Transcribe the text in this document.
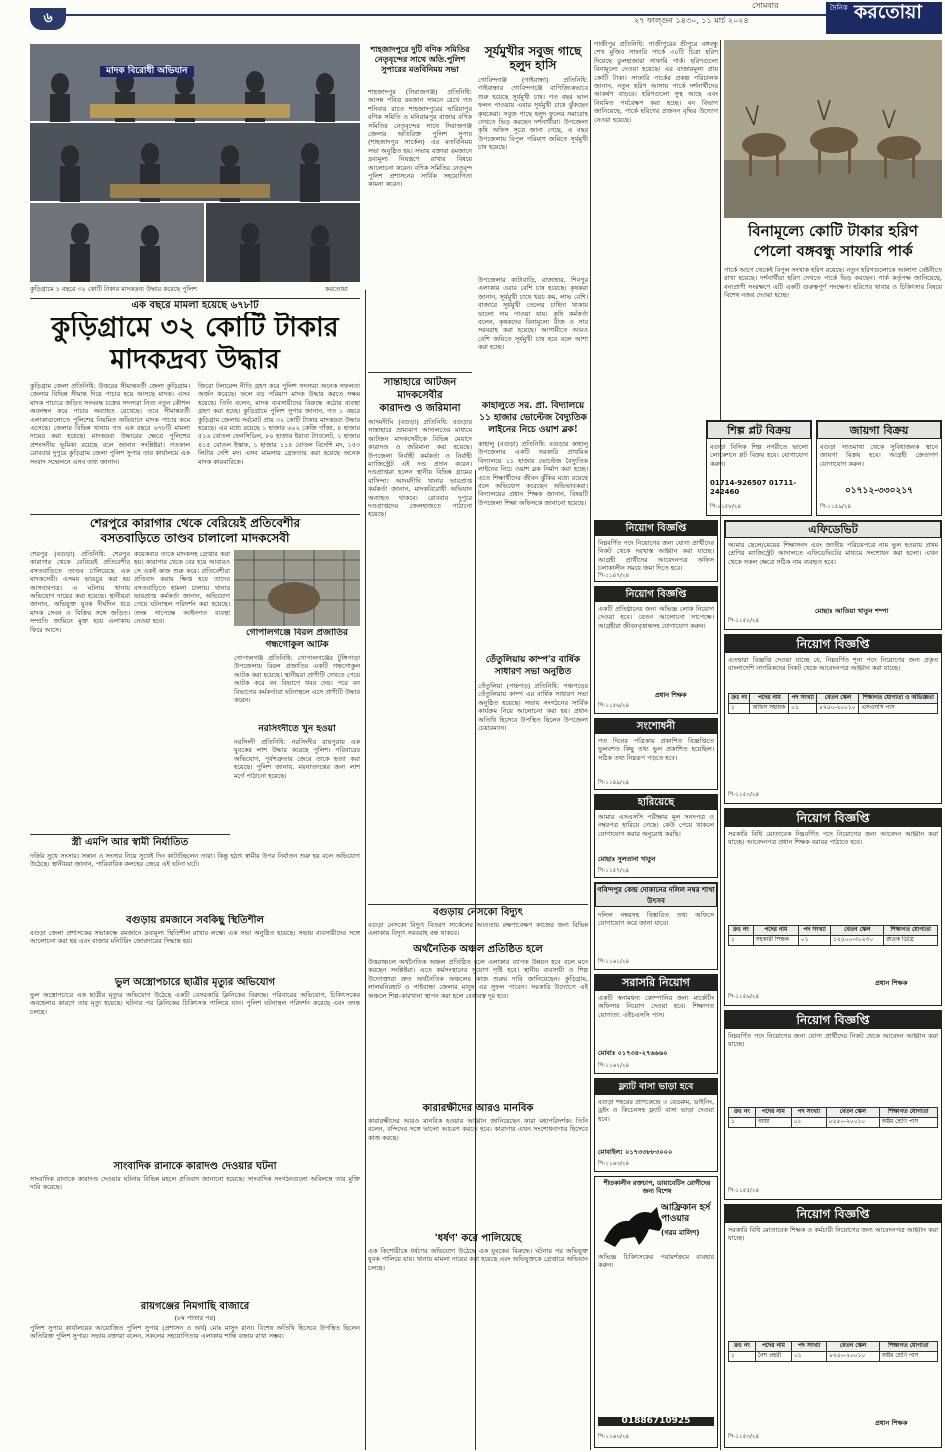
৬
সোমবার
২৭ ফাল্গুন ১৪৩০, ১১ মার্চ ২০২৪
দৈনিক করতোয়া
মাদক বিরোধী অভিযান
কুড়িগ্রামে ১ বছরে ৩২ কোটি টাকার মাদকদ্রব্য উদ্ধার করেছে পুলিশ	করতোয়া
এক বছরে মামলা হয়েছে ৬৭৮টি
কুড়িগ্রামে ৩২ কোটি টাকার
মাদকদ্রব্য উদ্ধার
কুড়িগ্রাম জেলা প্রতিনিধি: উত্তরের সীমান্তবর্তী জেলা কুড়িগ্রাম। জেলার বিভিন্ন সীমান্ত দিয়ে পাচার হয়ে আসছে মাদক। এসব মাদক পাচারে জড়িত সংঘবদ্ধ চক্রের সদস্যরা নিত্য নতুন কৌশল অবলম্বন করে পাচার অব্যাহত রেখেছে। তবে সীমান্তবর্তী এলাকাগুলোতে পুলিশের নিয়মিত অভিযানে মাদক পাচার কমে এসেছে। জেলার বিভিন্ন থানায় গত এক বছরে ৬৭৮টি মামলা দায়ের করা হয়েছে। মাদকদ্রব্য উদ্ধারের ক্ষেত্রে পুলিশের প্রশংসনীয় ভূমিকা রয়েছে বলে জানান সংশ্লিষ্টরা। গতকাল রোববার দুপুরে কুড়িগ্রাম জেলা পুলিশ সুপার তার কার্যালয়ে এক সংবাদ সম্মেলনে এসব তথ্য জানান।
জিরো টলারেন্স নীতি গ্রহণ করে পুলিশ সদস্যরা অনেক সফলতা অর্জন করেছে। ফলে বড় পরিমাণ মাদক উদ্ধার করতে সক্ষম হয়েছে। তিনি বলেন, মাদক ব্যবসায়ীদের বিরুদ্ধে কঠোর ব্যবস্থা গ্রহণ করা হচ্ছে। কুড়িগ্রামে পুলিশ সুপার জানান, গত ১ বছরে কুড়িগ্রাম জেলায় সর্বমোট প্রায় ৩২ কোটি টাকার মাদকদ্রব্য উদ্ধার হয়েছে। এর মধ্যে রয়েছে ১ হাজার ৬২২ কেজি গাঁজা, ৪ হাজার ৫১৬ বোতল ফেনসিডিল, ৮০ হাজার ইয়াবা ট্যাবলেট, ১ হাজার ৪১৫ বোতল ইস্কাফ, ১ হাজার ১১৪ বোতল বিদেশি মদ, ১৫৩ লিটার দেশি মদ। এসব মামলায় গ্রেফতার করা হয়েছে অনেক মাদক কারবারিকে।
শেরপুরে কারাগার থেকে বেরিয়েই প্রতিবেশীর
বসতবাড়িতে তাণ্ডব চালালো মাদকসেবী
শেরপুর (বগুড়া) প্রতিনিধি: শেরপুর কারাগার থেকে বেরিয়েই প্রতিবেশীর বসতবাড়িতে তাণ্ডব চালিয়েছে এক মাদকসেবী। এসময় ভাঙচুর করা হয় আসবাবপত্র। এ ঘটনায় থানায় অভিযোগ দায়ের করা হয়েছে। স্থানীয়রা জানান, অভিযুক্ত যুবক দীর্ঘদিন ধরে মাদক সেবন ও বিক্রির সঙ্গে জড়িত। সম্প্রতি জামিনে মুক্ত হয়ে এলাকায় ফিরে আসে।
কয়েকবার তাকে মাদকসহ গ্রেপ্তার করা হয়। কারাগার থেকে বের হয়ে আবারও সে একই কাজ শুরু করে। প্রতিবেশীরা প্রতিবাদ করায় ক্ষিপ্ত হয়ে তাদের বসতবাড়িতে হামলা চালায়। থানার ভারপ্রাপ্ত কর্মকর্তা জানান, অভিযোগ পেয়ে ঘটনাস্থল পরিদর্শন করা হয়েছে। তদন্ত সাপেক্ষে আইনগত ব্যবস্থা নেওয়া হবে।
গোপালগঞ্জে বিরল প্রজাতির
গন্ধগোকুল আটক
গোপালগঞ্জ প্রতিনিধি: গোপালগঞ্জের টুঙ্গিপাড়া উপজেলায় বিরল প্রজাতির একটি গন্ধগোকুল আটক করা হয়েছে। স্থানীয়রা প্রাণীটি দেখতে পেয়ে আটক করে বন বিভাগে খবর দেয়। পরে বন বিভাগের কর্মকর্তারা ঘটনাস্থলে এসে প্রাণীটি উদ্ধার করেন।
নরসিংদীতে খুন হওয়া
নরসিংদী প্রতিনিধি: নরসিংদীর রায়পুরায় এক যুবকের লাশ উদ্ধার করেছে পুলিশ। পরিবারের অভিযোগ, পূর্বশত্রুতার জেরে তাকে হত্যা করা হয়েছে। পুলিশ জানায়, ময়নাতদন্তের জন্য লাশ মর্গে পাঠানো হয়েছে।
স্ত্রী এমপি আর স্বামী নির্যাতিত
দর্জির সুখে সংসার। সন্তান ও সংসার নিয়ে সুখেই দিন কাটাচ্ছিলেন তারা। কিন্তু হঠাৎ স্বামীর উপর নির্যাতন শুরু হয় বলে অভিযোগ উঠেছে। স্থানীয়রা জানান, পারিবারিক কলহের জেরে এই ঘটনা ঘটে।
বগুড়ায় রমজানে সবকিছু স্থিতিশীল
বগুড়া জেলা প্রশাসকের সভাকক্ষে রমজানে দ্রব্যমূল্য স্থিতিশীল রাখার লক্ষ্যে এক সভা অনুষ্ঠিত হয়েছে। সভায় ব্যবসায়ীদের সঙ্গে আলোচনা করা হয় এবং বাজার মনিটরিং জোরদারের সিদ্ধান্ত হয়।
ভুল অস্ত্রোপচারে ছাত্রীর মৃত্যুর অভিযোগ
ভুল অস্ত্রোপচারে এক ছাত্রীর মৃত্যুর অভিযোগ উঠেছে একটি বেসরকারি ক্লিনিকের বিরুদ্ধে। পরিবারের অভিযোগ, চিকিৎসকের অবহেলার কারণে তার মৃত্যু হয়েছে। ঘটনার পর ক্লিনিকের চিকিৎসক পালিয়ে যান। পুলিশ ঘটনাস্থল পরিদর্শন করেছে এবং তদন্ত চলছে।
সাংবাদিক রানাকে কারাদণ্ড দেওয়ার ঘটনা
সাংবাদিক রানাকে কারাদণ্ড দেওয়ার ঘটনায় বিভিন্ন মহলে প্রতিবাদ জানানো হয়েছে। সাংবাদিক সংগঠনগুলো অবিলম্বে তার মুক্তি দাবি করেছে।
রায়গঞ্জের নিমগাছি বাজারে
(৮ম পাতার পর)
পুলিশ সুপার কার্যালয়ের আয়োজিত পুলিশ সুপার (প্রশাসন ও অর্থ) মোঃ মাসুদ রানা। বিশেষ অতিথি হিসেবে উপস্থিত ছিলেন অতিরিক্ত পুলিশ সুপার। সভায় বক্তারা বলেন, সকলের সহযোগিতায় এলাকায় শান্তি বজায় রাখা সম্ভব।
শাহজাদপুরে দুটি বণিক সমিতির নেতৃবৃন্দের সাথে অতি.পুলিশ সুপারের মতবিনিময় সভা
শাহজাদপুর (সিরাজগঞ্জ) প্রতিনিধি: আসন্ন পবিত্র রমজান সামনে রেখে গত শনিবার রাতে শাহজাদপুরের দ্বারিয়াপুর বণিক সমিতি ও মনিরামপুর বাজার বণিক সমিতির নেতৃবৃন্দের সাথে সিরাজগঞ্জ জেলার অতিরিক্ত পুলিশ সুপার (শাহজাদপুর সার্কেল) এর মতবিনিময় সভা অনুষ্ঠিত হয়। সভায় বক্তারা রমজানে দ্রব্যমূল্য নিয়ন্ত্রণে রাখার বিষয়ে আলোচনা করেন। বণিক সমিতির নেতৃবৃন্দ পুলিশ প্রশাসনের সার্বিক সহযোগিতা কামনা করেন।
সান্তাহারে আটজন
মাদকসেবীর
কারাদণ্ড ও জরিমানা
আদমদীঘি (বগুড়া) প্রতিনিধি: বগুড়ার সান্তাহারে ভ্রাম্যমাণ আদালতের মাধ্যমে আটজন মাদকসেবীকে বিভিন্ন মেয়াদে কারাদণ্ড ও জরিমানা করা হয়েছে। উপজেলা নির্বাহী কর্মকর্তা ও নির্বাহী ম্যাজিস্ট্রেট এই দণ্ড প্রদান করেন। দণ্ডপ্রাপ্তরা হলেন স্থানীয় বিভিন্ন গ্রামের বাসিন্দা। আদমদীঘি থানার ভারপ্রাপ্ত কর্মকর্তা জানান, মাদকবিরোধী অভিযান অব্যাহত থাকবে। রোববার দুপুরে দণ্ডপ্রাপ্তদের জেলহাজতে পাঠানো হয়েছে।
সূর্যমুখীর সবুজ গাছে হলুদ হাসি
গোবিন্দগঞ্জ (গাইবান্ধা) প্রতিনিধি: গাইবান্ধার গোবিন্দগঞ্জে বাণিজ্যিকভাবে শুরু হয়েছে সূর্যমুখী চাষ। গত বছর ভাল ফলন পাওয়ায় এবার সূর্যমুখী চাষে ঝুঁকছেন কৃষকেরা। সবুজ গাছে হলুদ ফুলের সমারোহ দেখতে ভিড় করছেন দর্শনার্থীরা। উপজেলা কৃষি অফিস সূত্রে জানা গেছে, এ বছর উপজেলায় বিপুল পরিমাণ জমিতে সূর্যমুখী চাষ হয়েছে।
উপজেলার কাটাবাড়ি, রাজাহার, শিবপুর এলাকায় এবার বেশি চাষ হয়েছে। কৃষকরা জানান, সূর্যমুখী চাষে খরচ কম, লাভ বেশি। বাজারে সূর্যমুখী তেলের চাহিদা থাকায় ভালো দাম পাওয়া যায়। কৃষি কর্মকর্তা বলেন, কৃষকদের বিনামূল্যে বীজ ও সার সরবরাহ করা হয়েছে। আগামীতে আরও বেশি জমিতে সূর্যমুখী চাষ হবে বলে আশা করা হচ্ছে।
কাহালুতে সর. প্রা. বিদ্যালয়ে
১১ হাজার ভোল্টেজ বৈদ্যুতিক
লাইনের নিচে ওয়াশ ব্লক!
কাহালু (বগুড়া) প্রতিনিধি: বগুড়ার কাহালু উপজেলার একটি সরকারি প্রাথমিক বিদ্যালয়ে ১১ হাজার ভোল্টেজ বৈদ্যুতিক লাইনের নিচে ওয়াশ ব্লক নির্মাণ করা হচ্ছে। এতে শিক্ষার্থীদের জীবন ঝুঁকির মধ্যে রয়েছে বলে অভিযোগ করেছেন অভিভাবকরা। বিদ্যালয়ের প্রধান শিক্ষক জানান, বিষয়টি উপজেলা শিক্ষা অফিসকে জানানো হয়েছে।
তেঁতুলিয়ায় কাম্প'র বার্ষিক
সাধারণ সভা অনুষ্ঠিত
তেঁতুলিয়া (পঞ্চগড়) প্রতিনিধি: পঞ্চগড়ের তেঁতুলিয়ায় কাম্প এর বার্ষিক সাধারণ সভা অনুষ্ঠিত হয়েছে। সভায় সংগঠনের সার্বিক কার্যক্রম নিয়ে আলোচনা করা হয়। প্রধান অতিথি হিসেবে উপস্থিত ছিলেন উপজেলা চেয়ারম্যান।
বগুড়ায় নেসকো বিদ্যুৎ
বগুড়া নেসকো বিদ্যুৎ বিতরণ সার্কেলের আওতায় রক্ষণাবেক্ষণ কাজের জন্য বিভিন্ন এলাকায় বিদ্যুৎ সরবরাহ বন্ধ থাকবে।
সুজানগরে আইনশৃংখলাপুর
অর্থনৈতিক অঞ্চল প্রতিষ্ঠিত হলে
উত্তরাঞ্চলে অর্থনৈতিক অঞ্চল প্রতিষ্ঠিত হলে এলাকার ব্যাপক উন্নয়ন হবে বলে মনে করছেন সংশ্লিষ্টরা। এতে কর্মসংস্থানের সুযোগ সৃষ্টি হবে। স্থানীয় ব্যবসায়ী ও শিল্প উদ্যোক্তারা দ্রুত অর্থনৈতিক অঞ্চলের কাজ শুরুর দাবি জানিয়েছেন। কুড়িগ্রাম, লালমনিরহাট ও গাইবান্ধা জেলার মানুষ এর সুফল পাবেন। সরকারি উদ্যোগে এই অঞ্চলে শিল্প-কারখানা স্থাপন করা হলে বেকারত্ব দূর হবে।
কারারক্ষীদের আরও মানবিক
কারারক্ষীদের আরও মানবিক হওয়ার আহ্বান জানিয়েছেন কারা মহাপরিদর্শক। তিনি বলেন, বন্দিদের সঙ্গে ভালো আচরণ করতে হবে। কারাগার এখন সংশোধনাগার হিসেবে কাজ করছে।
'ধর্ষণ' করে পালিয়েছে
এক কিশোরীকে ধর্ষণের অভিযোগ উঠেছে এক যুবকের বিরুদ্ধে। ঘটনার পর অভিযুক্ত যুবক পালিয়ে যায়। থানায় মামলা দায়ের করা হয়েছে এবং অভিযুক্তকে গ্রেপ্তারে অভিযান চলছে।
বিনামূল্যে কোটি টাকার হরিণ
পেলো বঙ্গবন্ধু সাফারি পার্ক
গাজীপুর প্রতিনিধি: গাজীপুরের শ্রীপুরে বঙ্গবন্ধু শেখ মুজিব সাফারি পার্কে ৩০টি চিত্রা হরিণ দিয়েছে ডুলহাজারা সাফারি পার্ক। হরিণগুলো বিনামূল্যে দেওয়া হয়েছে। এর বাজারমূল্য প্রায় কোটি টাকা। সাফারি পার্কের প্রকল্প পরিচালক জানান, নতুন হরিণ আসায় পার্কে দর্শনার্থীদের আকর্ষণ বাড়বে। হরিণগুলো সুস্থ আছে এবং নিয়মিত পর্যবেক্ষণ করা হচ্ছে। বন বিভাগ জানিয়েছে, পার্কে হরিণের প্রজনন বৃদ্ধির উদ্যোগ নেওয়া হয়েছে।
পার্কে আগে থেকেই বিপুল সংখ্যক হরিণ রয়েছে। নতুন হরিণগুলোকে আলাদা বেষ্টনীতে রাখা হয়েছে। দর্শনার্থীরা হরিণ দেখতে পার্কে ভিড় করছেন। পার্ক কর্তৃপক্ষ জানিয়েছে, বন্যপ্রাণী সংরক্ষণে এটি একটি গুরুত্বপূর্ণ পদক্ষেপ। হরিণের খাবার ও চিকিৎসার বিষয়ে বিশেষ নজর দেওয়া হচ্ছে।
শিল্প প্লট বিক্রয়
বগুড়া বিসিক শিল্প নগরীতে ভালো লোকেশনে প্লট বিক্রয় হবে। যোগাযোগ করুন।
01714-926507 01711-242460
পি-১১৫৮/২৪
জায়গা বিক্রয়
বগুড়া সাতমাথা থেকে সুবিধাজনক স্থানে জায়গা বিক্রয় হবে। আগ্রহী ক্রেতাগণ যোগাযোগ করুন।
০১৭১২-৩৩০২১৭
পি-১১৫৯/২৪
নিয়োগ বিজ্ঞপ্তি
নিম্নবর্ণিত পদে নিয়োগের জন্য যোগ্য প্রার্থীদের নিকট থেকে দরখাস্ত আহ্বান করা যাচ্ছে। আগ্রহী প্রার্থীদের আবেদনপত্র অফিস চলাকালীন সময়ে জমা দিতে হবে।
পি-১১৪৭/২৪
নিয়োগ বিজ্ঞপ্তি
একটি প্রতিষ্ঠানের জন্য অভিজ্ঞ লোক নিয়োগ দেওয়া হবে। বেতন আলোচনা সাপেক্ষে। আগ্রহীরা জীবনবৃত্তান্তসহ যোগাযোগ করুন।
প্রধান শিক্ষক
পি-১১৫৬/২৪
সংশোধনী
গত দিনের পত্রিকায় প্রকাশিত বিজ্ঞপ্তিতে ভুলবশত কিছু তথ্য ভুল প্রকাশিত হয়েছিল। সঠিক তথ্য নিম্নরূপ পড়তে হবে।
পি-১১৪৯/২৪
হারিয়েছে
আমার এসএসসি পরীক্ষার মূল সনদপত্র ও নম্বরপত্র হারিয়ে গেছে। কেউ পেয়ে থাকলে যোগাযোগ করার অনুরোধ করছি।
মোছাঃ সুলতানা খাতুন
পি-১১৫৭/২৪
গবিন্দপুর কেন্দ্র দোকানের দলিল নম্বর শাখা উৎসব
দলিল নম্বরসহ বিস্তারিত তথ্য অফিসে যোগাযোগ করে জানা যাবে।
পি-১১৬১/২৪
সরাসরি নিয়োগ
একটি স্বনামধন্য কোম্পানির জন্য মার্কেটিং অফিসার নিয়োগ দেওয়া হবে। শিক্ষাগত যোগ্যতা: এইচএসসি পাস।
মোবাঃ ০১৭৩৪-২৭৬৬৬০
পি-১১৬২/২৪
ফ্ল্যাট বাসা ভাড়া হবে
বগুড়া শহরের প্রাণকেন্দ্রে ৩ বেডরুম, ডাইনিং, ড্রইং ও কিচেনসহ ফ্ল্যাট বাসা ভাড়া দেওয়া হবে।
মোবাইল: ০১৭৩৩৮৮৩০০০
পি-১১৬৩/২৪
শীতকালীন রক্তচাপ, ডায়াবেটিস রোগীদের জন্য বিশেষ
আফ্রিকান হর্স পাওয়ার
(গরম মালিশ)
অভিজ্ঞ চিকিৎসকের পরামর্শক্রমে ব্যবহার করুন।
01886710925
পি-১১৬০/২৪
এফিডেভিট
আমার ছেলে/মেয়ের শিক্ষাসনদ এবং জাতীয় পরিচয়পত্রে নাম ভুল হওয়ায় প্রথম শ্রেণির ম্যাজিস্ট্রেট আদালতে এফিডেভিটের মাধ্যমে সংশোধন করা হলো। এখন থেকে সকল ক্ষেত্রে সঠিক নাম ব্যবহৃত হবে।
মোছাঃ আতিয়া খাতুন শম্পা
পি-১১৫২/২৪
নিয়োগ বিজ্ঞপ্তি
এতদ্বারা বিজ্ঞপ্তি দেওয়া যাচ্ছে যে, নিম্নবর্ণিত শূন্য পদে নিয়োগের জন্য প্রকৃত বাংলাদেশি নাগরিকদের নিকট থেকে আবেদনপত্র আহ্বান করা যাচ্ছে।
ক্রঃ নং	পদের নাম	পদ সংখ্যা	বেতন স্কেল	শিক্ষাগত যোগ্যতা ও অভিজ্ঞতা
১	অফিস সহায়ক	০১	৮২৫০-২০০১০	এসএসসি পাস
পি-১১৫০/২৪
নিয়োগ বিজ্ঞপ্তি
সরকারি বিধি মোতাবেক নিম্নবর্ণিত পদে নিয়োগের জন্য আবেদন আহ্বান করা যাচ্ছে। আবেদনপত্র প্রধান শিক্ষক বরাবর পাঠাতে হবে।
ক্রঃ নং	পদের নাম	পদ সংখ্যা	বেতন স্কেল	শিক্ষাগত যোগ্যতা
১	সহকারী শিক্ষক	০১	১২৫০০-৩০২৩০	স্নাতক ডিগ্রি
প্রধান শিক্ষক
পি-১১৫৬/২৪
নিয়োগ বিজ্ঞপ্তি
নিম্নবর্ণিত পদে নিয়োগের জন্য যোগ্য প্রার্থীদের নিকট থেকে আবেদন আহ্বান করা যাচ্ছে।
ক্রঃ নং	পদের নাম	পদ সংখ্যা	বেতন স্কেল	শিক্ষাগত যোগ্যতা
১	আয়া	০১	৮২৫০-২০০১০	অষ্টম শ্রেণি পাস
পি-১১৫৫/২৪
নিয়োগ বিজ্ঞপ্তি
সরকারি বিধি মোতাবেক শিক্ষক ও কর্মচারী নিয়োগের জন্য আবেদনপত্র আহ্বান করা যাচ্ছে।
ক্রঃ নং	পদের নাম	পদ সংখ্যা	বেতন স্কেল	শিক্ষাগত যোগ্যতা
১	নৈশ প্রহরী	০১	৮২৫০-২০০১০	অষ্টম শ্রেণি পাস
প্রধান শিক্ষক
পি-১১৫৩/২৪
